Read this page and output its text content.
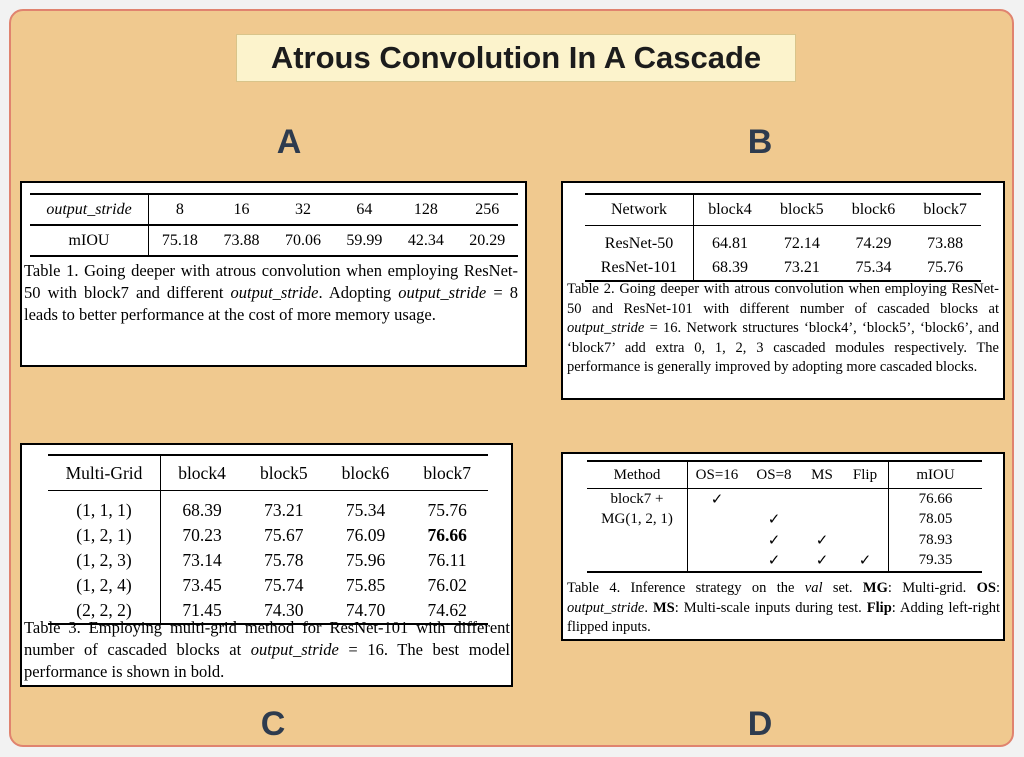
Atrous Convolution In A Cascade
A	B
C	D
output_stride	8	16	32	64	128	256
mIOU	75.18	73.88	70.06	59.99	42.34	20.29
Table 1. Going deeper with atrous convolution when employing ResNet-50 with block7 and different output_stride. Adopting output_stride = 8 leads to better performance at the cost of more memory usage.
Network	block4	block5	block6	block7
ResNet-50	64.81	72.14	74.29	73.88
ResNet-101	68.39	73.21	75.34	75.76
Table 2. Going deeper with atrous convolution when employing ResNet-50 and ResNet-101 with different number of cascaded blocks at output_stride = 16. Network structures ‘block4’, ‘block5’, ‘block6’, and ‘block7’ add extra 0, 1, 2, 3 cascaded modules respectively. The performance is generally improved by adopting more cascaded blocks.
Multi-Grid	block4	block5	block6	block7
(1, 1, 1)	68.39	73.21	75.34	75.76
(1, 2, 1)	70.23	75.67	76.09	76.66
(1, 2, 3)	73.14	75.78	75.96	76.11
(1, 2, 4)	73.45	75.74	75.85	76.02
(2, 2, 2)	71.45	74.30	74.70	74.62
Table 3. Employing multi-grid method for ResNet-101 with different number of cascaded blocks at output_stride = 16. The best model performance is shown in bold.
Method	OS=16	OS=8	MS	Flip	mIOU
block7 +	✓				76.66
MG(1, 2, 1)		✓			78.05
		✓	✓		78.93
		✓	✓	✓	79.35
Table 4. Inference strategy on the val set. MG: Multi-grid. OS: output_stride. MS: Multi-scale inputs during test. Flip: Adding left-right flipped inputs.
